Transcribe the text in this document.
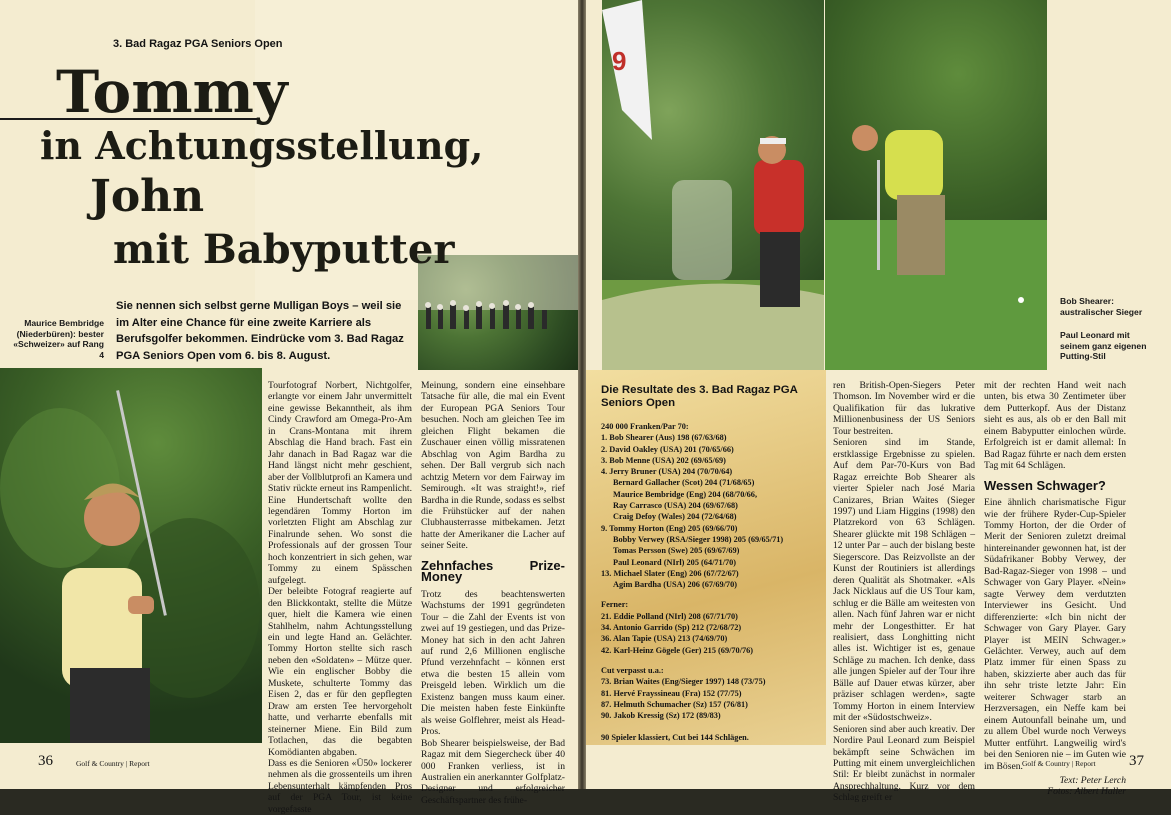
3. Bad Ragaz PGA Seniors Open
Tommy
in Achtungsstellung,
John
mit Babyputter
Sie nennen sich selbst gerne Mulligan Boys – weil sie im Alter eine Chance für eine zweite Karriere als Berufsgolfer bekommen. Eindrücke vom 3. Bad Ragaz PGA Seniors Open vom 6. bis 8. August.
Maurice Bembridge (Niederbüren): bester «Schweizer» auf Rang 4

Tourfotograf Norbert, Nichtgolfer, erlangte vor einem Jahr unvermittelt eine gewisse Bekanntheit, als ihm Cindy Crawford am Omega-Pro-Am in Crans-Montana mit ihrem Abschlag die Hand brach. Fast ein Jahr danach in Bad Ragaz war die Hand längst nicht mehr geschient, aber der Vollblutprofi an Kamera und Stativ rückte erneut ins Rampenlicht. Eine Hundertschaft wollte den legendären Tommy Horton im vorletzten Flight am Abschlag zur Finalrunde sehen. Wo sonst die Professionals auf der grossen Tour hoch konzentriert in sich gehen, war Tommy zu einem Spässchen aufgelegt.
Der beleibte Fotograf reagierte auf den Blickkontakt, stellte die Mütze quer, hielt die Kamera wie einen Stahlhelm, nahm Achtungsstellung ein und legte Hand an. Gelächter. Tommy Horton stellte sich rasch neben den «Soldaten» – Mütze quer. Wie ein englischer Bobby die Muskete, schulterte Tommy das Eisen 2, das er für den gepflegten Draw am ersten Tee hervorgeholt hatte, und verharrte ebenfalls mit steinerner Miene. Ein Bild zum Totlachen, das die begabten Komödianten abgaben.
Dass es die Senioren «Ü50» lockerer nehmen als die grossenteils um ihren Lebensunterhalt kämpfenden Pros auf der PGA Tour, ist keine vorgefasste

Meinung, sondern eine einsehbare Tatsache für alle, die mal ein Event der European PGA Seniors Tour besuchen. Noch am gleichen Tee im gleichen Flight bekamen die Zuschauer einen völlig missratenen Abschlag von Agim Bardha zu sehen. Der Ball vergrub sich nach achtzig Metern vor dem Fairway im Semirough. «It was straight!», rief Bardha in die Runde, sodass es selbst die Frühstücker auf der nahen Clubhausterrasse mitbekamen. Jetzt hatte der Amerikaner die Lacher auf seiner Seite.

Zehnfaches Prize-Money

Trotz des beachtenswerten Wachstums der 1991 gegründeten Tour – die Zahl der Events ist von zwei auf 19 gestiegen, und das Prize-Money hat sich in den acht Jahren auf rund 2,6 Millionen englische Pfund verzehnfacht – können erst etwa die besten 15 allein vom Preisgeld leben. Wirklich um die Existenz bangen muss kaum einer. Die meisten haben feste Einkünfte als weise Golflehrer, meist als Head-Pros.
Bob Shearer beispielsweise, der Bad Ragaz mit dem Siegercheck über 40 000 Franken verliess, ist in Australien ein anerkannter Golfplatz-Designer und erfolgreicher Geschäftspartner des frühe-

36	Golf & Country | Report
9
Bob Shearer: australischer Sieger
Paul Leonard mit seinem ganz eigenen Putting-Stil
Die Resultate des 3. Bad Ragaz PGA Seniors Open
240 000 Franken/Par 70:
1. Bob Shearer (Aus) 198 (67/63/68)
2. David Oakley (USA) 201 (70/65/66)
3. Bob Menne (USA) 202 (69/65/69)
4. Jerry Bruner (USA) 204 (70/70/64)
Bernard Gallacher (Scot) 204 (71/68/65)
Maurice Bembridge (Eng) 204 (68/70/66,
Ray Carrasco (USA) 204 (69/67/68)
Craig Defoy (Wales) 204 (72/64/68)
9. Tommy Horton (Eng) 205 (69/66/70)
Bobby Verwey (RSA/Sieger 1998) 205 (69/65/71)
Tomas Persson (Swe) 205 (69/67/69)
Paul Leonard (NIrl) 205 (64/71/70)
13. Michael Slater (Eng) 206 (67/72/67)
Agim Bardha (USA) 206 (67/69/70)
Ferner:
21. Eddie Polland (NIrl) 208 (67/71/70)
34. Antonio Garrido (Sp) 212 (72/68/72)
36. Alan Tapie (USA) 213 (74/69/70)
42. Karl-Heinz Gögele (Ger) 215 (69/70/76)
Cut verpasst u.a.:
73. Brian Waites (Eng/Sieger 1997) 148 (73/75)
81. Hervé Frayssineau (Fra) 152 (77/75)
87. Helmuth Schumacher (Sz) 157 (76/81)
90. Jakob Kressig (Sz) 172 (89/83)
90 Spieler klassiert, Cut bei 144 Schlägen.

ren British-Open-Siegers Peter Thomson. Im November wird er die Qualifikation für das lukrative Millionenbusiness der US Seniors Tour bestreiten.
Senioren sind im Stande, erstklassige Ergebnisse zu spielen. Auf dem Par-70-Kurs von Bad Ragaz erreichte Bob Shearer als vierter Spieler nach José Maria Canizares, Brian Waites (Sieger 1997) und Liam Higgins (1998) den Platzrekord von 63 Schlägen. Shearer glückte mit 198 Schlägen – 12 unter Par – auch der bislang beste Siegerscore. Das Reizvollste an der Kunst der Routiniers ist allerdings deren Qualität als Shotmaker. «Als Jack Nicklaus auf die US Tour kam, schlug er die Bälle am weitesten von allen. Nach fünf Jahren war er nicht mehr der Longesthitter. Er hat realisiert, dass Longhitting nicht alles ist. Wichtiger ist es, genaue Schläge zu machen. Ich denke, dass alle jungen Spieler auf der Tour ihre Bälle auf Dauer etwas kürzer, aber präziser schlagen werden», sagte Tommy Horton in einem Interview mit der «Südostschweiz».
Senioren sind aber auch kreativ. Der Nordire Paul Leonard zum Beispiel bekämpft seine Schwächen im Putting mit einem unvergleichlichen Stil: Er bleibt zunächst in normaler Ansprechhaltung. Kurz vor dem Schlag greift er

mit der rechten Hand weit nach unten, bis etwa 30 Zentimeter über dem Putterkopf. Aus der Distanz sieht es aus, als ob er den Ball mit einem Babyputter einlochen würde. Erfolgreich ist er damit allemal: In Bad Ragaz führte er nach dem ersten Tag mit 64 Schlägen.

Wessen Schwager?

Eine ähnlich charismatische Figur wie der frühere Ryder-Cup-Spieler Tommy Horton, der die Order of Merit der Senioren zuletzt dreimal hintereinander gewonnen hat, ist der Südafrikaner Bobby Verwey, der Bad-Ragaz-Sieger von 1998 – und Schwager von Gary Player. «Nein» sagte Verwey dem verdutzten Interviewer ins Gesicht. Und differenzierte: «Ich bin nicht der Schwager von Gary Player. Gary Player ist MEIN Schwager.» Gelächter. Verwey, auch auf dem Platz immer für einen Spass zu haben, skizzierte aber auch das für ihn sehr triste letzte Jahr: Ein weiterer Schwager starb an Herzversagen, ein Neffe kam bei einem Autounfall beinahe um, und zu allem Übel wurde noch Verweys Mutter entführt. Langweilig wird's bei den Senioren nie – im Guten wie im Bösen.

Text: Peter Lerch
Fotos: Albert Haller
Golf & Country | Report 37
